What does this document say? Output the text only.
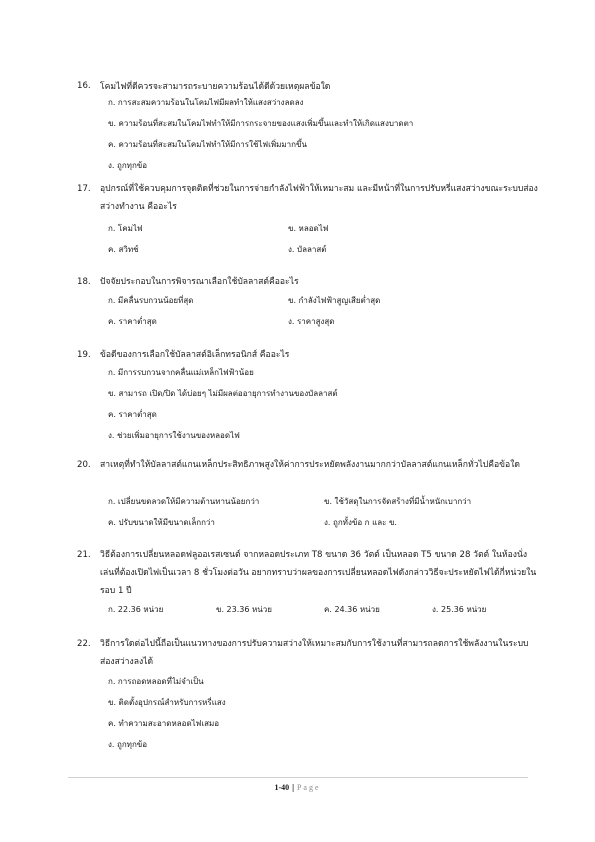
16. โคมไฟที่ดีควรจะสามารถระบายความร้อนได้ดีด้วยเหตุผลข้อใด
ก. การสะสมความร้อนในโคมไฟมีผลทำให้แสงสว่างลดลง
ข. ความร้อนที่สะสมในโคมไฟทำให้มีการกระจายของแสงเพิ่มขึ้นและทำให้เกิดแสงบาดตา
ค. ความร้อนที่สะสมในโคมไฟทำให้มีการใช้ไฟเพิ่มมากขึ้น
ง. ถูกทุกข้อ
17. อุปกรณ์ที่ใช้ควบคุมการจุดติดที่ช่วยในการจ่ายกำลังไฟฟ้าให้เหมาะสม และมีหน้าที่ในการปรับหรี่แสงสว่างขณะระบบส่องสว่างทำงาน คืออะไร
ก. โคมไฟ	ข. หลอดไฟ
ค. สวิทช์	ง. บัลลาสต์
18. ปัจจัยประกอบในการพิจารณาเลือกใช้บัลลาสต์คืออะไร
ก. มีคลื่นรบกวนน้อยที่สุด	ข. กำลังไฟฟ้าสูญเสียต่ำสุด
ค. ราคาต่ำสุด	ง. ราคาสูงสุด
19. ข้อดีของการเลือกใช้บัลลาสต์อิเล็กทรอนิกส์ คืออะไร
ก. มีการรบกวนจากคลื่นแม่เหล็กไฟฟ้าน้อย
ข. สามารถ เปิด/ปิด ได้บ่อยๆ ไม่มีผลต่ออายุการทำงานของบัลลาสต์
ค. ราคาต่ำสุด
ง. ช่วยเพิ่มอายุการใช้งานของหลอดไฟ
20. สาเหตุที่ทำให้บัลลาสต์แกนเหล็กประสิทธิภาพสูงให้ค่าการประหยัดพลังงานมากกว่าบัลลาสต์แกนเหล็กทั่วไปคือข้อใด
ก. เปลี่ยนขดลวดให้มีความต้านทานน้อยกว่า	ข. ใช้วัสดุในการจัดสร้างที่มีน้ำหนักเบากว่า
ค. ปรับขนาดให้มีขนาดเล็กกว่า	ง. ถูกทั้งข้อ ก และ ข.
21. วิธีต้องการเปลี่ยนหลอดฟลูออเรสเซนต์ จากหลอดประเภท T8 ขนาด 36 วัตต์ เป็นหลอด T5 ขนาด 28 วัตต์ ในห้องนั่งเล่นที่ต้องเปิดไฟเป็นเวลา 8 ชั่วโมงต่อวัน อยากทราบว่าผลของการเปลี่ยนหลอดไฟดังกล่าววิธีจะประหยัดไฟได้กี่หน่วยในรอบ 1 ปี
ก. 22.36 หน่วย	ข. 23.36 หน่วย	ค. 24.36 หน่วย	ง. 25.36 หน่วย
22. วิธีการใดต่อไปนี้ถือเป็นแนวทางของการปรับความสว่างให้เหมาะสมกับการใช้งานที่สามารถลดการใช้พลังงานในระบบส่องสว่างลงได้
ก. การถอดหลอดที่ไม่จำเป็น
ข. ติดตั้งอุปกรณ์สำหรับการหรี่แสง
ค. ทำความสะอาดหลอดไฟเสมอ
ง. ถูกทุกข้อ
1-40 | Page
